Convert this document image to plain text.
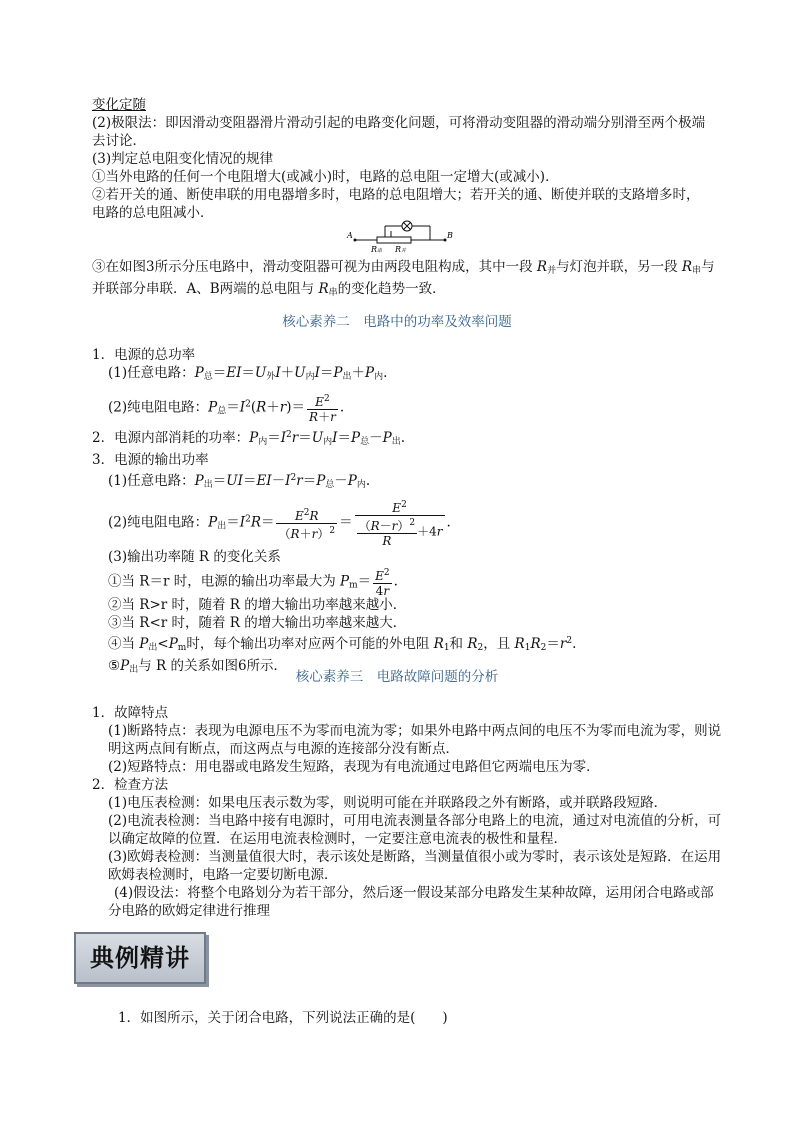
变化定随
(2)极限法：即因滑动变阻器滑片滑动引起的电路变化问题，可将滑动变阻器的滑动端分别滑至两个极端
去讨论．
(3)判定总电阻变化情况的规律
①当外电路的任何一个电阻增大(或减小)时，电路的总电阻一定增大(或减小)．
②若开关的通、断使串联的用电器增多时，电路的总电阻增大；若开关的通、断使并联的支路增多时，
电路的总电阻减小．
A	B
R串 R并
③在如图3所示分压电路中，滑动变阻器可视为由两段电阻构成，其中一段 $R_并$与灯泡并联，另一段 $R_串$与
并联部分串联．A、B两端的总电阻与 $R_串$的变化趋势一致．
核心素养二　电路中的功率及效率问题
1．电源的总功率
(1)任意电路：$P_总=EI=U_外I+U_内I=P_出+P_内$.
(2)纯电阻电路：$P_总=I^2(R+r)= \frac{E^2}{R+r}$ .
2．电源内部消耗的功率：$P_内=I^2r=U_内I=P_总-P_出$.
3．电源的输出功率
(1)任意电路：$P_出=UI=EI-I^2r=P_总-P_内$.
(2)纯电阻电路：$P_出=I^2R= \frac{E^2R}{(R+r)^2} = \frac{E^2}{\frac{(R-r)^2}{R} +4r}$ .
(3)输出功率随 R 的变化关系
①当 R＝r 时，电源的输出功率最大为 $P_m= \frac{E^2}{4r}$ .
②当 R>r 时，随着 R 的增大输出功率越来越小．
③当 R<r 时，随着 R 的增大输出功率越来越大．
④当 $P_出<P_m$时，每个输出功率对应两个可能的外电阻 $R_1$和 $R_2$，且 $R_1R_2=r^2$.
$⑤P_出$与 R 的关系如图6所示．
核心素养三　电路故障问题的分析
1．故障特点
(1)断路特点：表现为电源电压不为零而电流为零；如果外电路中两点间的电压不为零而电流为零，则说
明这两点间有断点，而这两点与电源的连接部分没有断点．
(2)短路特点：用电器或电路发生短路，表现为有电流通过电路但它两端电压为零．
2．检查方法
(1)电压表检测：如果电压表示数为零，则说明可能在并联路段之外有断路，或并联路段短路．
(2)电流表检测：当电路中接有电源时，可用电流表测量各部分电路上的电流，通过对电流值的分析，可
以确定故障的位置．在运用电流表检测时，一定要注意电流表的极性和量程．
(3)欧姆表检测：当测量值很大时，表示该处是断路，当测量值很小或为零时，表示该处是短路．在运用
欧姆表检测时，电路一定要切断电源．
(4)假设法：将整个电路划分为若干部分，然后逐一假设某部分电路发生某种故障，运用闭合电路或部
分电路的欧姆定律进行推理
典例精讲
1．如图所示，关于闭合电路，下列说法正确的是(　　)
